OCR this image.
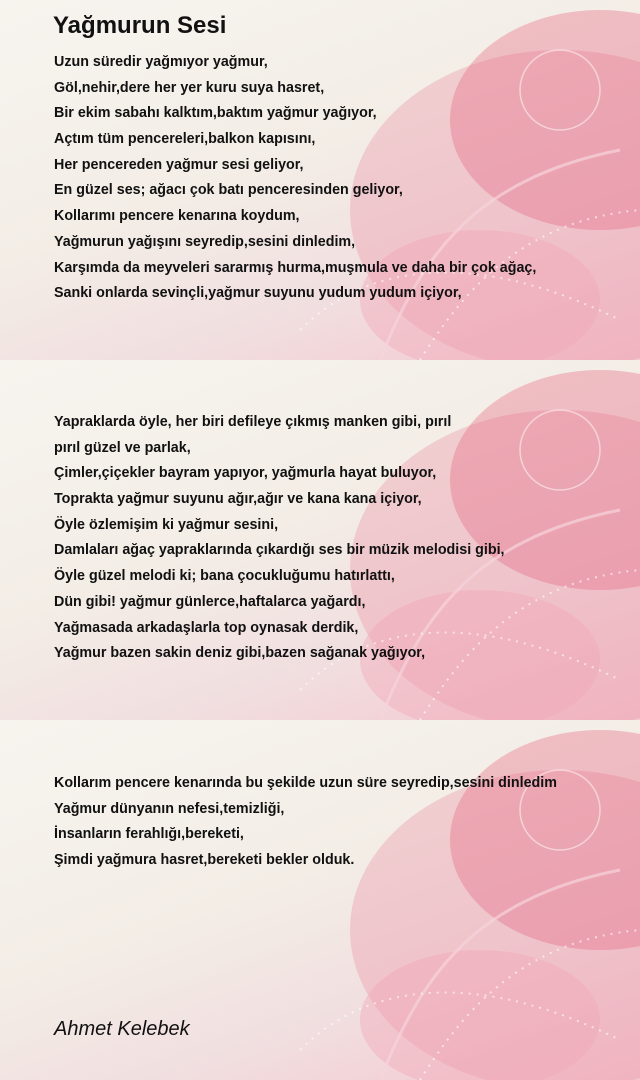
Yağmurun Sesi
Uzun süredir yağmıyor yağmur,
Göl,nehir,dere her yer kuru suya hasret,
Bir ekim sabahı kalktım,baktım yağmur yağıyor,
Açtım tüm pencereleri,balkon kapısını,
Her pencereden yağmur sesi geliyor,
En güzel ses; ağacı çok batı penceresinden geliyor,
Kollarımı pencere kenarına koydum,
Yağmurun yağışını seyredip,sesini dinledim,
Karşımda da meyveleri sararmış hurma,muşmula ve daha bir çok ağaç,
Sanki onlarda sevinçli,yağmur suyunu yudum yudum içiyor,
Yapraklarda öyle, her biri defileye çıkmış manken gibi, pırıl
pırıl güzel ve parlak,
Çimler,çiçekler bayram yapıyor, yağmurla hayat buluyor,
Toprakta yağmur suyunu ağır,ağır ve kana kana içiyor,
Öyle özlemişim ki yağmur sesini,
Damlaları ağaç yapraklarında çıkardığı ses bir müzik melodisi gibi,
Öyle güzel melodi ki; bana çocukluğumu hatırlattı,
Dün gibi! yağmur günlerce,haftalarca yağardı,
Yağmasada arkadaşlarla top oynasak derdik,
Yağmur bazen sakin deniz gibi,bazen sağanak yağıyor,
Kollarım pencere kenarında bu şekilde uzun süre seyredip,sesini dinledim
Yağmur dünyanın nefesi,temizliği,
İnsanların ferahlığı,bereketi,
Şimdi yağmura hasret,bereketi bekler olduk.
Ahmet Kelebek
